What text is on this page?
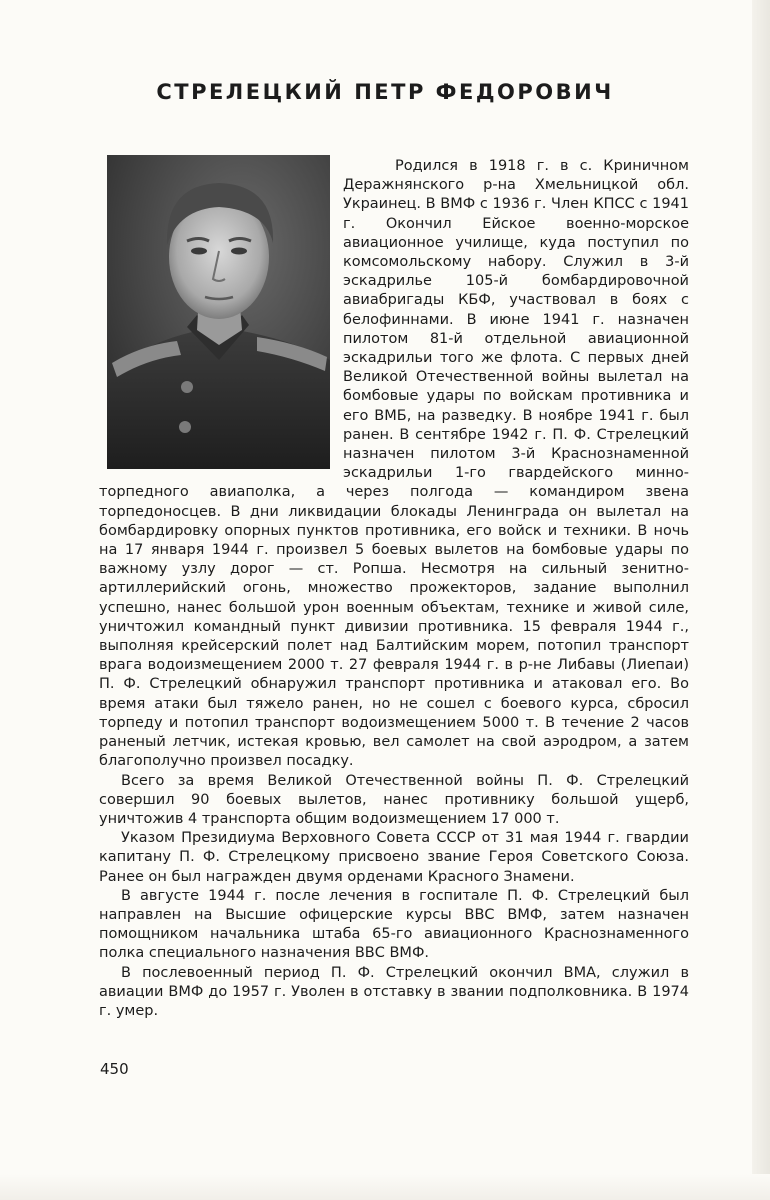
СТРЕЛЕЦКИЙ ПЕТР ФЕДОРОВИЧ

Родился в 1918 г. в с. Криничном Деражнянского р-на Хмельницкой обл. Украинец. В ВМФ с 1936 г. Член КПСС с 1941 г. Окончил Ейское военно-морское авиационное училище, куда поступил по комсомольскому набору. Служил в 3-й эскадрилье 105-й бомбардировочной авиабригады КБФ, участвовал в боях с белофиннами. В июне 1941 г. назначен пилотом 81-й отдельной авиационной эскадрильи того же флота. С первых дней Великой Отечественной войны вылетал на бомбовые удары по войскам противника и его ВМБ, на разведку. В ноябре 1941 г. был ранен. В сентябре 1942 г. П. Ф. Стрелецкий назначен пилотом 3-й Краснознаменной эскадрильи 1-го гвардейского минно-торпедного авиаполка, а через полгода — командиром звена торпедоносцев. В дни ликвидации блокады Ленинграда он вылетал на бомбардировку опорных пунктов противника, его войск и техники. В ночь на 17 января 1944 г. произвел 5 боевых вылетов на бомбовые удары по важному узлу дорог — ст. Ропша. Несмотря на сильный зенитно-артиллерийский огонь, множество прожекторов, задание выполнил успешно, нанес большой урон военным объектам, технике и живой силе, уничтожил командный пункт дивизии противника. 15 февраля 1944 г., выполняя крейсерский полет над Балтийским морем, потопил транспорт врага водоизмещением 2000 т. 27 февраля 1944 г. в р-не Либавы (Лиепаи) П. Ф. Стрелецкий обнаружил транспорт противника и атаковал его. Во время атаки был тяжело ранен, но не сошел с боевого курса, сбросил торпеду и потопил транспорт водоизмещением 5000 т. В течение 2 часов раненый летчик, истекая кровью, вел самолет на свой аэродром, а затем благополучно произвел посадку.

Всего за время Великой Отечественной войны П. Ф. Стрелецкий совершил 90 боевых вылетов, нанес противнику большой ущерб, уничтожив 4 транспорта общим водоизмещением 17 000 т.

Указом Президиума Верховного Совета СССР от 31 мая 1944 г. гвардии капитану П. Ф. Стрелецкому присвоено звание Героя Советского Союза. Ранее он был награжден двумя орденами Красного Знамени.

В августе 1944 г. после лечения в госпитале П. Ф. Стрелецкий был направлен на Высшие офицерские курсы ВВС ВМФ, затем назначен помощником начальника штаба 65-го авиационного Краснознаменного полка специального назначения ВВС ВМФ.

В послевоенный период П. Ф. Стрелецкий окончил ВМА, служил в авиации ВМФ до 1957 г. Уволен в отставку в звании подполковника. В 1974 г. умер.

450
